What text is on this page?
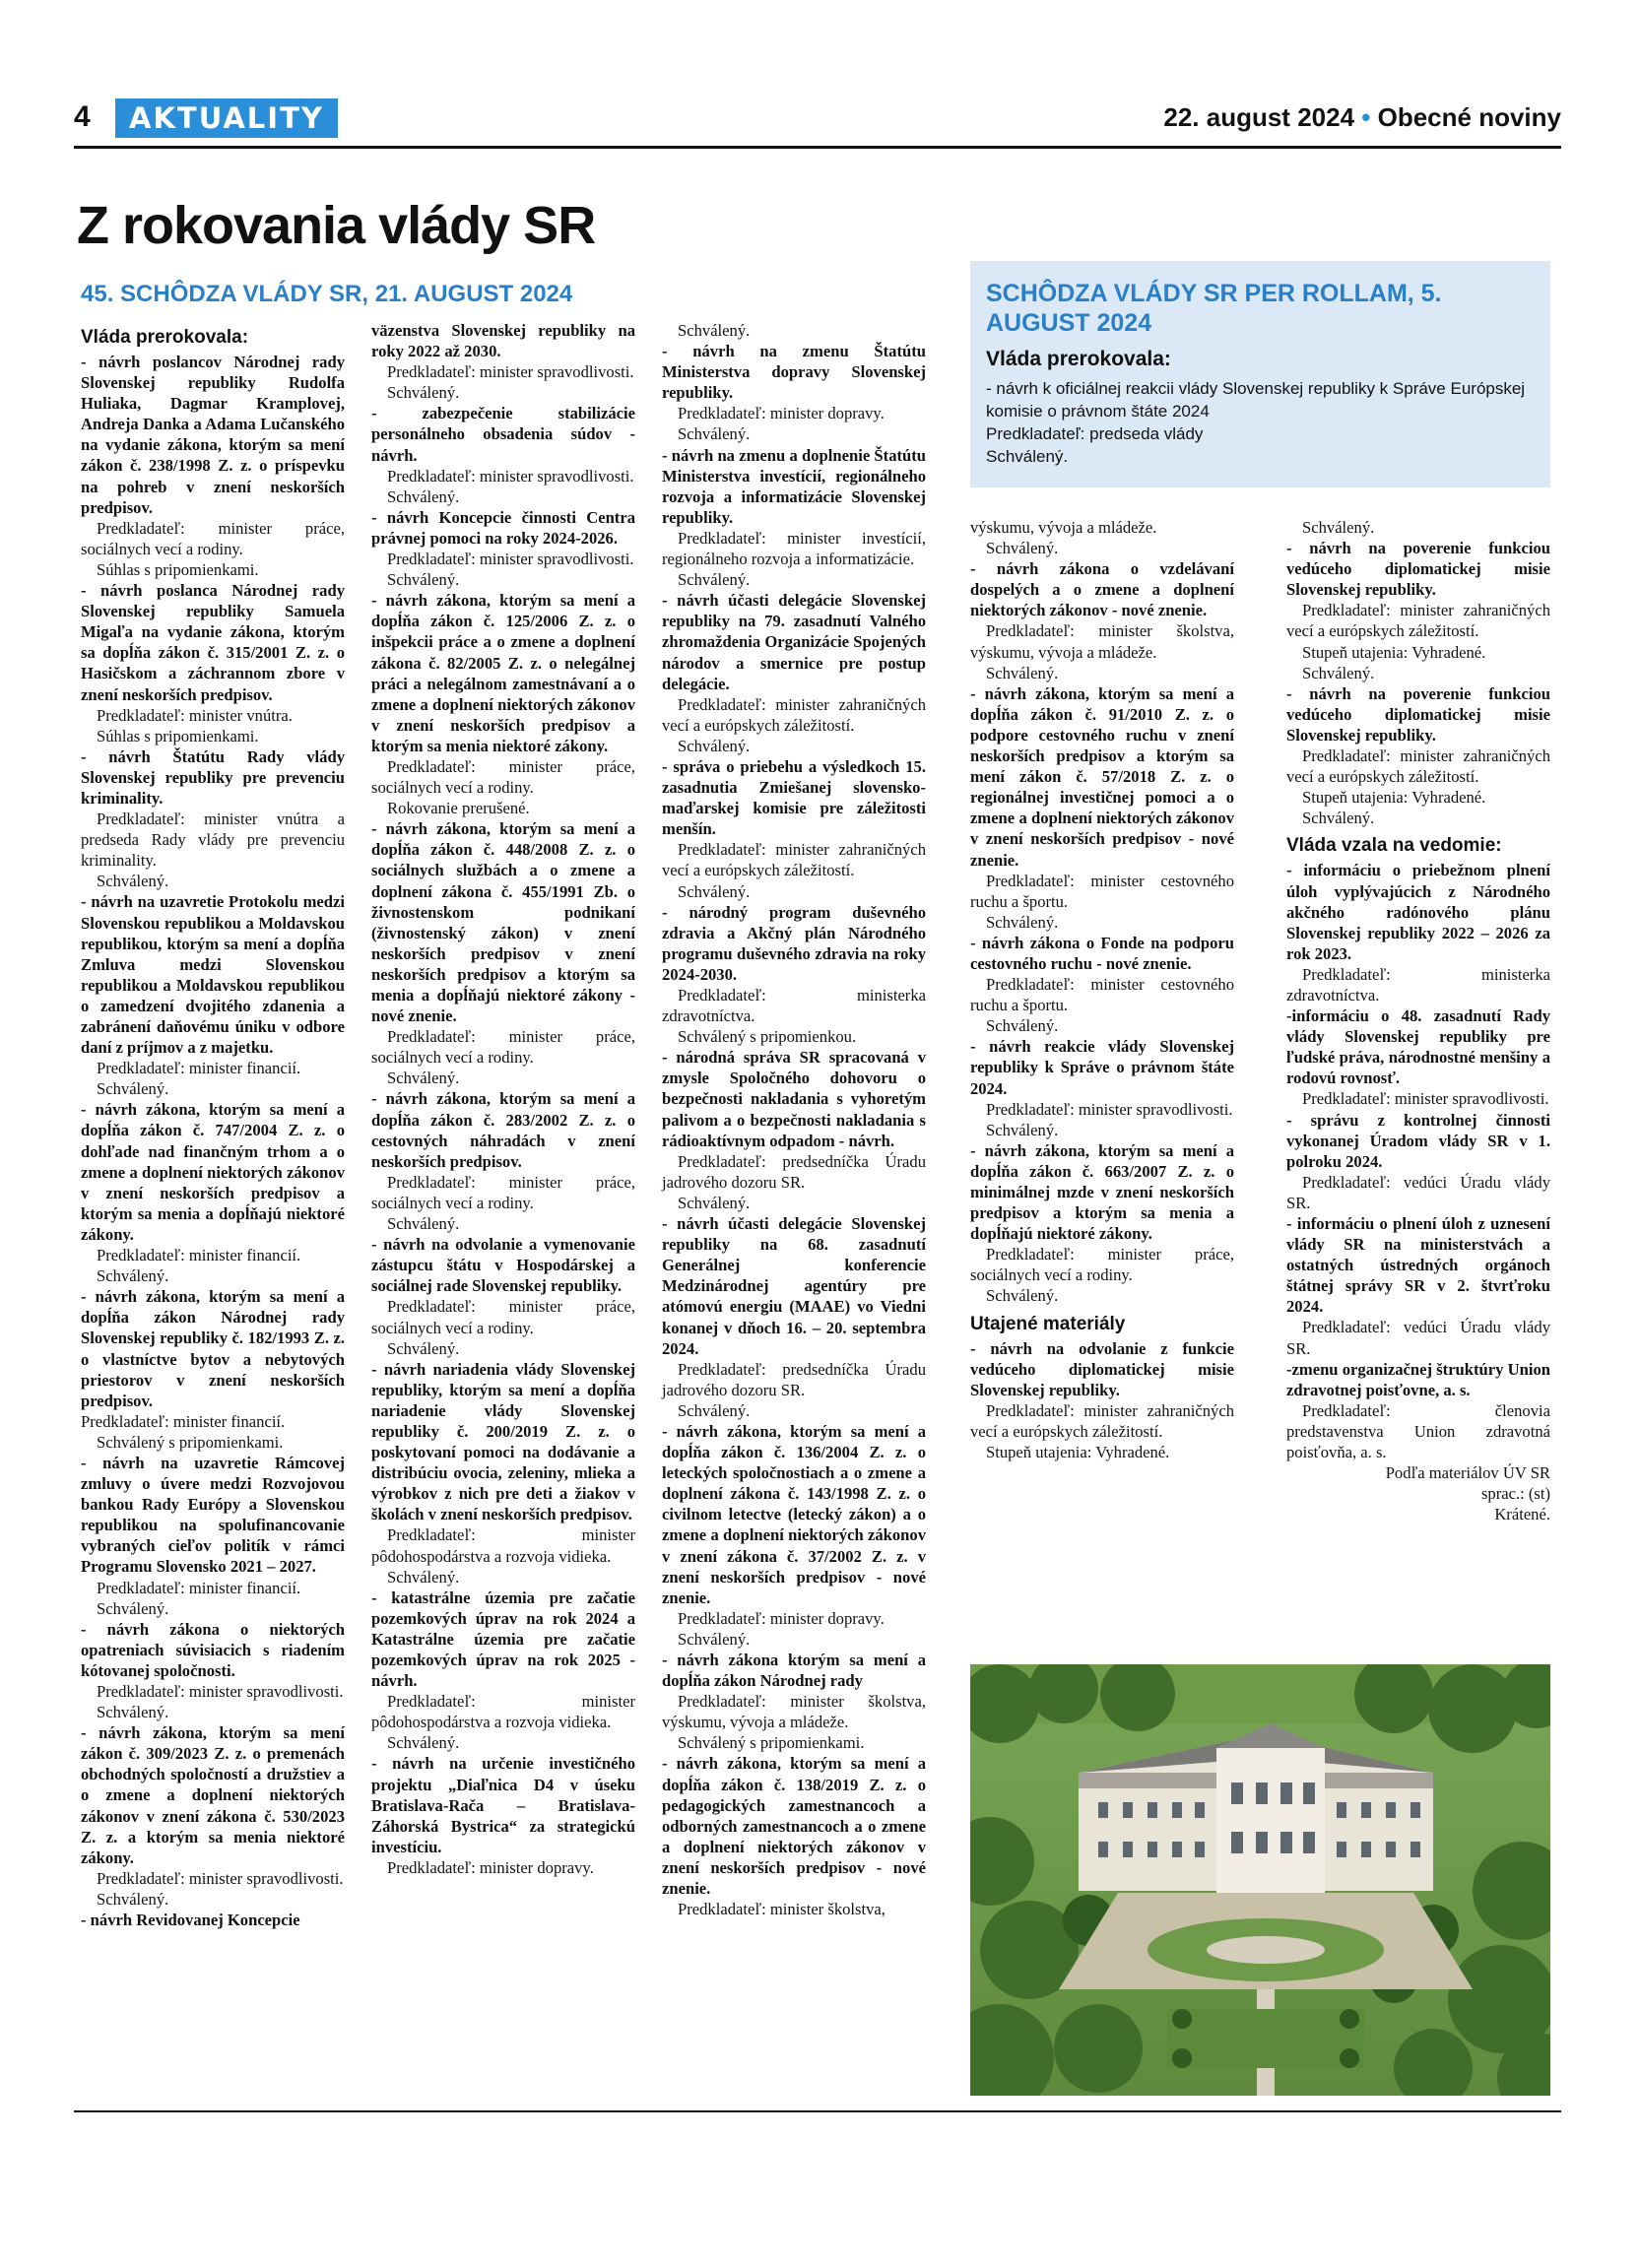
4	AKTUALITY	22. august 2024 • Obecné noviny
Z rokovania vlády SR
45. SCHÔDZA VLÁDY SR, 21. AUGUST 2024

Vláda prerokovala:

- návrh poslancov Národnej rady Slovenskej republiky Rudolfa Huliaka, Dagmar Kramplovej, Andreja Danka a Adama Lučanského na vydanie zákona, ktorým sa mení zákon č. 238/1998 Z. z. o príspevku na pohreb v znení neskorších predpisov.

Predkladateľ: minister práce, sociálnych vecí a rodiny.

Súhlas s pripomienkami.

- návrh poslanca Národnej rady Slovenskej republiky Samuela Migaľa na vydanie zákona, ktorým sa dopĺňa zákon č. 315/2001 Z. z. o Hasičskom a záchrannom zbore v znení neskorších predpisov.

Predkladateľ: minister vnútra.

Súhlas s pripomienkami.

- návrh Štatútu Rady vlády Slovenskej republiky pre prevenciu kriminality.

Predkladateľ: minister vnútra a predseda Rady vlády pre prevenciu kriminality.

Schválený.

- návrh na uzavretie Protokolu medzi Slovenskou republikou a Moldavskou republikou, ktorým sa mení a dopĺňa Zmluva medzi Slovenskou republikou a Moldavskou republikou o zamedzení dvojitého zdanenia a zabránení daňovému úniku v odbore daní z príjmov a z majetku.

Predkladateľ: minister financií.

Schválený.

- návrh zákona, ktorým sa mení a dopĺňa zákon č. 747/2004 Z. z. o dohľade nad finančným trhom a o zmene a doplnení niektorých zákonov v znení neskorších predpisov a ktorým sa menia a dopĺňajú niektoré zákony.

Predkladateľ: minister financií.

Schválený.

- návrh zákona, ktorým sa mení a dopĺňa zákon Národnej rady Slovenskej republiky č. 182/1993 Z. z. o vlastníctve bytov a nebytových priestorov v znení neskorších predpisov.

Predkladateľ: minister financií.

Schválený s pripomienkami.

- návrh na uzavretie Rámcovej zmluvy o úvere medzi Rozvojovou bankou Rady Európy a Slovenskou republikou na spolufinancovanie vybraných cieľov politík v rámci Programu Slovensko 2021 – 2027.

Predkladateľ: minister financií.

Schválený.

- návrh zákona o niektorých opatreniach súvisiacich s riadením kótovanej spoločnosti.

Predkladateľ: minister spravodlivosti.

Schválený.

- návrh zákona, ktorým sa mení zákon č. 309/2023 Z. z. o premenách obchodných spoločností a družstiev a o zmene a doplnení niektorých zákonov v znení zákona č. 530/2023 Z. z. a ktorým sa menia niektoré zákony.

Predkladateľ: minister spravodlivosti.

Schválený.

- návrh Revidovanej Koncepcie

väzenstva Slovenskej republiky na roky 2022 až 2030.

Predkladateľ: minister spravodlivosti.

Schválený.

- zabezpečenie stabilizácie personálneho obsadenia súdov - návrh.

Predkladateľ: minister spravodlivosti.

Schválený.

- návrh Koncepcie činnosti Centra právnej pomoci na roky 2024-2026.

Predkladateľ: minister spravodlivosti.

Schválený.

- návrh zákona, ktorým sa mení a dopĺňa zákon č. 125/2006 Z. z. o inšpekcii práce a o zmene a doplnení zákona č. 82/2005 Z. z. o nelegálnej práci a nelegálnom zamestnávaní a o zmene a doplnení niektorých zákonov v znení neskorších predpisov a ktorým sa menia niektoré zákony.

Predkladateľ: minister práce, sociálnych vecí a rodiny.

Rokovanie prerušené.

- návrh zákona, ktorým sa mení a dopĺňa zákon č. 448/2008 Z. z. o sociálnych službách a o zmene a doplnení zákona č. 455/1991 Zb. o živnostenskom podnikaní (živnostenský zákon) v znení neskorších predpisov v znení neskorších predpisov a ktorým sa menia a dopĺňajú niektoré zákony - nové znenie.

Predkladateľ: minister práce, sociálnych vecí a rodiny.

Schválený.

- návrh zákona, ktorým sa mení a dopĺňa zákon č. 283/2002 Z. z. o cestovných náhradách v znení neskorších predpisov.

Predkladateľ: minister práce, sociálnych vecí a rodiny.

Schválený.

- návrh na odvolanie a vymenovanie zástupcu štátu v Hospodárskej a sociálnej rade Slovenskej republiky.

Predkladateľ: minister práce, sociálnych vecí a rodiny.

Schválený.

- návrh nariadenia vlády Slovenskej republiky, ktorým sa mení a dopĺňa nariadenie vlády Slovenskej republiky č. 200/2019 Z. z. o poskytovaní pomoci na dodávanie a distribúciu ovocia, zeleniny, mlieka a výrobkov z nich pre deti a žiakov v školách v znení neskorších predpisov.

Predkladateľ: minister pôdohospodárstva a rozvoja vidieka.

Schválený.

- katastrálne územia pre začatie pozemkových úprav na rok 2024 a Katastrálne územia pre začatie pozemkových úprav na rok 2025 - návrh.

Predkladateľ: minister pôdohospodárstva a rozvoja vidieka.

Schválený.

- návrh na určenie investičného projektu „Diaľnica D4 v úseku Bratislava-Rača – Bratislava-Záhorská Bystrica“ za strategickú investíciu.

Predkladateľ: minister dopravy.

Schválený.

- návrh na zmenu Štatútu Ministerstva dopravy Slovenskej republiky.

Predkladateľ: minister dopravy.

Schválený.

- návrh na zmenu a doplnenie Štatútu Ministerstva investícií, regionálneho rozvoja a informatizácie Slovenskej republiky.

Predkladateľ: minister investícií, regionálneho rozvoja a informatizácie.

Schválený.

- návrh účasti delegácie Slovenskej republiky na 79. zasadnutí Valného zhromaždenia Organizácie Spojených národov a smernice pre postup delegácie.

Predkladateľ: minister zahraničných vecí a európskych záležitostí.

Schválený.

- správa o priebehu a výsledkoch 15. zasadnutia Zmiešanej slovensko-maďarskej komisie pre záležitosti menšín.

Predkladateľ: minister zahraničných vecí a európskych záležitostí.

Schválený.

- národný program duševného zdravia a Akčný plán Národného programu duševného zdravia na roky 2024-2030.

Predkladateľ: ministerka zdravotníctva.

Schválený s pripomienkou.

- národná správa SR spracovaná v zmysle Spoločného dohovoru o bezpečnosti nakladania s vyhoretým palivom a o bezpečnosti nakladania s rádioaktívnym odpadom - návrh.

Predkladateľ: predsedníčka Úradu jadrového dozoru SR.

Schválený.

- návrh účasti delegácie Slovenskej republiky na 68. zasadnutí Generálnej konferencie Medzinárodnej agentúry pre atómovú energiu (MAAE) vo Viedni konanej v dňoch 16. – 20. septembra 2024.

Predkladateľ: predsedníčka Úradu jadrového dozoru SR.

Schválený.

- návrh zákona, ktorým sa mení a dopĺňa zákon č. 136/2004 Z. z. o leteckých spoločnostiach a o zmene a doplnení zákona č. 143/1998 Z. z. o civilnom letectve (letecký zákon) a o zmene a doplnení niektorých zákonov v znení zákona č. 37/2002 Z. z. v znení neskorších predpisov - nové znenie.

Predkladateľ: minister dopravy.

Schválený.

- návrh zákona ktorým sa mení a dopĺňa zákon Národnej rady

Predkladateľ: minister školstva, výskumu, vývoja a mládeže.

Schválený s pripomienkami.

- návrh zákona, ktorým sa mení a dopĺňa zákon č. 138/2019 Z. z. o pedagogických zamestnancoch a odborných zamestnancoch a o zmene a doplnení niektorých zákonov v znení neskorších predpisov - nové znenie.

Predkladateľ: minister školstva,

SCHÔDZA VLÁDY SR PER ROLLAM, 5. AUGUST 2024
Vláda prerokovala:
- návrh k oficiálnej reakcii vlády Slovenskej republiky k Správe Európskej komisie o právnom štáte 2024
Predkladateľ: predseda vlády
Schválený.

výskumu, vývoja a mládeže.

Schválený.

- návrh zákona o vzdelávaní dospelých a o zmene a doplnení niektorých zákonov - nové znenie.

Predkladateľ: minister školstva, výskumu, vývoja a mládeže.

Schválený.

- návrh zákona, ktorým sa mení a dopĺňa zákon č. 91/2010 Z. z. o podpore cestovného ruchu v znení neskorších predpisov a ktorým sa mení zákon č. 57/2018 Z. z. o regionálnej investičnej pomoci a o zmene a doplnení niektorých zákonov v znení neskorších predpisov - nové znenie.

Predkladateľ: minister cestovného ruchu a športu.

Schválený.

- návrh zákona o Fonde na podporu cestovného ruchu - nové znenie.

Predkladateľ: minister cestovného ruchu a športu.

Schválený.

- návrh reakcie vlády Slovenskej republiky k Správe o právnom štáte 2024.

Predkladateľ: minister spravodlivosti.

Schválený.

- návrh zákona, ktorým sa mení a dopĺňa zákon č. 663/2007 Z. z. o minimálnej mzde v znení neskorších predpisov a ktorým sa menia a dopĺňajú niektoré zákony.

Predkladateľ: minister práce, sociálnych vecí a rodiny.

Schválený.

Utajené materiály

- návrh na odvolanie z funkcie vedúceho diplomatickej misie Slovenskej republiky.

Predkladateľ: minister zahraničných vecí a európskych záležitostí.

Stupeň utajenia: Vyhradené.

Schválený.

- návrh na poverenie funkciou vedúceho diplomatickej misie Slovenskej republiky.

Predkladateľ: minister zahraničných vecí a európskych záležitostí.

Stupeň utajenia: Vyhradené.

Schválený.

- návrh na poverenie funkciou vedúceho diplomatickej misie Slovenskej republiky.

Predkladateľ: minister zahraničných vecí a európskych záležitostí.

Stupeň utajenia: Vyhradené.

Schválený.

Vláda vzala na vedomie:

- informáciu o priebežnom plnení úloh vyplývajúcich z Národného akčného radónového plánu Slovenskej republiky 2022 – 2026 za rok 2023.

Predkladateľ: ministerka zdravotníctva.

-informáciu o 48. zasadnutí Rady vlády Slovenskej republiky pre ľudské práva, národnostné menšiny a rodovú rovnosť.

Predkladateľ: minister spravodlivosti.

- správu z kontrolnej činnosti vykonanej Úradom vlády SR v 1. polroku 2024.

Predkladateľ: vedúci Úradu vlády SR.

- informáciu o plnení úloh z uznesení vlády SR na ministerstvách a ostatných ústredných orgánoch štátnej správy SR v 2. štvrťroku 2024.

Predkladateľ: vedúci Úradu vlády SR.

-zmenu organizačnej štruktúry Union zdravotnej poisťovne, a. s.

Predkladateľ: členovia predstavenstva Union zdravotná poisťovňa, a. s.

Podľa materiálov ÚV SR

sprac.: (st)

Krátené.
